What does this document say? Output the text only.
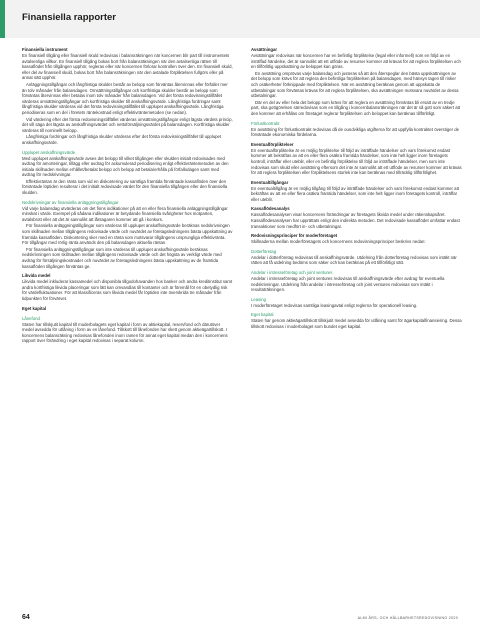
Finansiella rapporter
Finansiella instrument

En finansiell tillgång eller finansiell skuld redovisas i balansräkningen när koncernen blir part till instrumentets avtalsenliga villkor. En finansiell tillgång bokas bort från balansräkningen när den avtalsenliga rätten till kassaflödet från tillgången upphör, regleras eller när koncernen förlorar kontrollen över den. En finansiell skuld, eller del av finansiell skuld, bokas bort från balansräkningen när den avtalade förpliktelsen fullgörs eller på annat sätt upphör.

Anläggningstillgångar och långfristiga skulder består av belopp som förväntas återvinnas eller förfaller mer än tolv månader från balansdagen. Omsättningstillgångar och kortfristiga skulder består av belopp som förväntas återvinnas eller betalas inom tolv månader från balansdagen. Vid det första redovisningstillfället värderas omsättningstillgångar och kortfristiga skulder till anskaffningsvärde. Långfristiga fordringar samt långfristiga skulder värderas vid det första redovisningstillfället till upplupet anskaffningsvärde. Långfristiga periodiseras som en del i företets räntekostnad enligt effektivräntemetoden (se nedan).

Vid värdering efter det första redovisningstillfället värderas omsättningstillgångar enligt lägsta värdets princip, det vill säga det lägsta av anskaffningsvärdet och nettoförsäljningsvärdet på balansdagen. Kortfristiga skulder värderas till nominellt belopp.

Långfristiga fordringar och långfristiga skulder värderas efter det första redovisningstillfället till upplupet anskaffningsvärde.

Upplupet anskaffningsvärde

Med upplupet anskaffningsvärde avses det belopp till vilket tillgången eller skulden initialt redovisades med avdrag för amorteringar, tillägg eller avdrag för ackumulerad periodisering enligt effektivräntemetoden av den initiala skillnaden mellan erhållet/betalat belopp och belopp att betala/erhålla på förfallodagen samt med avdrag för nedskrivningar.

Effektivräntan är den ränta som vid en diskontering av samtliga framtida förväntade kassaflöden över den förväntade löptiden resulterar i det initialt redovisade värdet för den finansiella tillgången eller den finansiella skulden.

Nedskrivningar av finansiella anläggningstillgångar

Vid varje balansdag utvärderas om det finns indikationer på att en eller flera finansiella anläggningstillgångar minskat i värde. Exempel på sådana indikationer är betydande finansiella svårigheter hos motparten, avtalsbrott eller att det är sannolikt att låntagaren kommer att gå i konkurs.

För finansiella anläggningstillgångar som värderas till upplupet anskaffningsvärde beräknas nedskrivningen som skillnaden mellan tillgångens redovisade värde och nuvärdet av företagsledningens bästa uppskattning av framtida kassaflöden. Diskontering sker med en ränta som motsvarar tillgångens ursprungliga effektivränta. För tillgångar med rörlig ränta används den på balansdagen aktuella räntan.

För finansiella anläggningstillgångar som inte värderas till upplupet anskaffningsvärde beräknas nedskrivningen som skillnaden mellan tillgångens redovisade värde och det högsta av verkligt värde med avdrag för försäljningskostnader och nuvärdet av företagsledningens bästa uppskattning av de framtida kassaflöden tillgången förväntas ge.

Likvida medel

Likvida medel inkluderar kassamedel och disponibla tillgodohavanden hos banker och andra kreditinstitut samt andra kortfristiga likvida placeringar som lätt kan omvandlas till kontanter och är föremål för en obetydlig risk för värdefluktuationer. För att klassificeras som likvida medel får löptiden inte överskrida tre månader från tidpunkten för förvärvet.

Eget kapital
Lånefond

Staten har tillskjutit kapital till moderbolagets eget kapital i form av aktiekapital, reservfond och därutöver medel avsedda för utlåning i form av en lånefond. Tillskott till lånefonden har skett genom aktieägartillskott. I koncernens balansräkning redovisas lånefonden inom ramen för annat eget kapital medan den i koncernens rapport över förändring i eget kapital redovisas i separat kolumn.

Avsättningar

Avsättningar redovisas när koncernen har en befintlig förpliktelse (legal eller informell) som en följd av en inträffad händelse, det är sannolikt att ett utflöde av resurser kommer att krävas för att reglera förpliktelsen och en tillförlitlig uppskattning av beloppet kan göras.

En avsättning omprövas varje balansdag och justeras så att den återspeglar den bästa uppskattningen av det belopp som krävs för att reglera den befintliga förpliktelsen på balansdagen, med hänsyn tagen till risker och osäkerheter förknippade med förpliktelsen. När en avsättning beräknas genom att uppskatta de utbetalningar som förväntas krävas för att reglera förpliktelsen, ska avsättningen motsvara nuvärdet av dessa utbetalningar.

Där en del av eller hela det belopp som krävs för att reglera en avsättning förväntas bli ersatt av en tredje part, ska gottgörelsen särredovisas som en tillgång i koncernbalansräkningen när det är så gott som säkert att den kommer att erhållas om företaget reglerar förpliktelsen och beloppet kan beräknas tillförlitligt.

Förlustkontrakt

En avsättning för förlustkontrakt redovisas då de oundvikliga utgifterna för att uppfylla kontraktet överstiger de förväntade ekonomiska fördelarna.

Eventualförpliktelser

En eventualförpliktelse är en möjlig förpliktelse till följd av inträffade händelser och vars förekomst endast kommer att bekräftas av att en eller flera osäkra framtida händelser, som inte helt ligger inom företagets kontroll, inträffar eller uteblir, eller en befintlig förpliktelse till följd av inträffade händelser, men som inte redovisas som skuld eller avsättning eftersom det inte är sannolikt att ett utflöde av resurser kommer att krävas för att reglera förpliktelsen eller förpliktelsens storlek inte kan beräknas med tillräcklig tillförlitlighet.

Eventualtillgångar

En eventualtillgång är en möjlig tillgång till följd av inträffade händelser och vars förekomst endast kommer att bekräftas av att en eller flera osäkra framtida händelser, som inte helt ligger inom företagets kontroll, inträffar eller uteblir.

Kassaflödesanalys

Kassaflödesanalysen visar koncernens förändringar av företagets likvida medel under räkenskapsåret. Kassaflödesanalysen har upprättats enligt den indirekta metoden. Det redovisade kassaflödet omfattar endast transaktioner som medfört in- och utbetalningar.

Redovisningsprinciper för moderföretaget

Skillnaderna mellan moderföretagets och koncernens redovisningsprinciper beskrivs nedan:

Dotterföretag

Andelar i dotterföretag redovisas till anskaffningsvärde. Utdelning från dotterföretag redovisas som intäkt när rätten att få utdelning bedöms som säker och kan beräknas på ett tillförlitligt sätt.

Andelar i intresseföretag och joint ventures

Andelar i intresseföretag och joint ventures redovisas till anskaffningsvärde efter avdrag för eventuella nedskrivningar. Utdelning från andelar i intresseföretag och joint ventures redovisas som intäkt i resultaträkningen.

Leasing

I moderföretaget redovisas samtliga leasingavtal enligt reglerna för operationell leasing.

Eget kapital

Staten har genom aktieägartillskott tillskjutit medel avsedda för utlåning samt för ägarkapitalfinansiering. Dessa tillskott redovisas i moderbolaget som bundet eget kapital.

64	ALMI ÅRS- OCH HÅLLBARHETSREDOVISNING 2020
